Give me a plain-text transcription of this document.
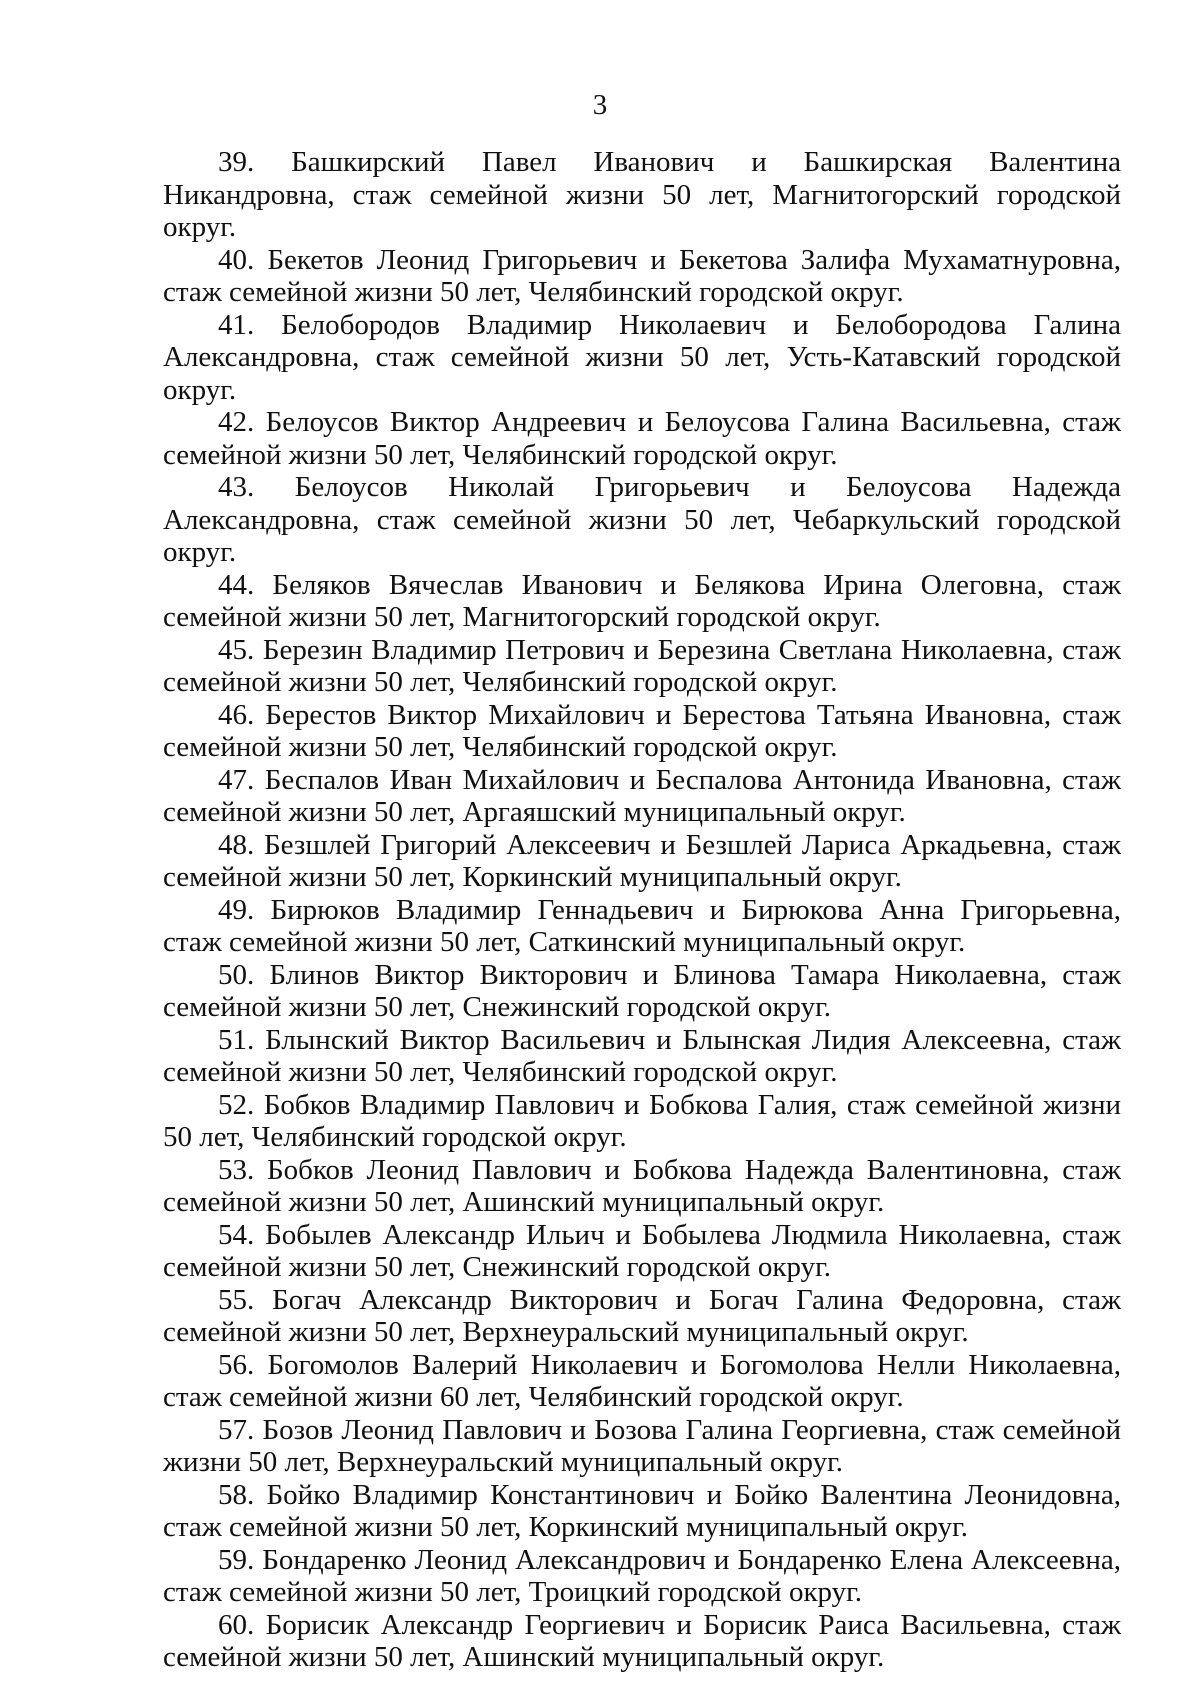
3

39. Башкирский Павел Иванович и Башкирская Валентина Никандровна, стаж семейной жизни 50 лет, Магнитогорский городской округ.

40. Бекетов Леонид Григорьевич и Бекетова Залифа Мухаматнуровна, стаж семейной жизни 50 лет, Челябинский городской округ.

41. Белобородов Владимир Николаевич и Белобородова Галина Александровна, стаж семейной жизни 50 лет, Усть-Катавский городской округ.

42. Белоусов Виктор Андреевич и Белоусова Галина Васильевна, стаж семейной жизни 50 лет, Челябинский городской округ.

43. Белоусов Николай Григорьевич и Белоусова Надежда Александровна, стаж семейной жизни 50 лет, Чебаркульский городской округ.

44. Беляков Вячеслав Иванович и Белякова Ирина Олеговна, стаж семейной жизни 50 лет, Магнитогорский городской округ.

45. Березин Владимир Петрович и Березина Светлана Николаевна, стаж семейной жизни 50 лет, Челябинский городской округ.

46. Берестов Виктор Михайлович и Берестова Татьяна Ивановна, стаж семейной жизни 50 лет, Челябинский городской округ.

47. Беспалов Иван Михайлович и Беспалова Антонида Ивановна, стаж семейной жизни 50 лет, Аргаяшский муниципальный округ.

48. Безшлей Григорий Алексеевич и Безшлей Лариса Аркадьевна, стаж семейной жизни 50 лет, Коркинский муниципальный округ.

49. Бирюков Владимир Геннадьевич и Бирюкова Анна Григорьевна, стаж семейной жизни 50 лет, Саткинский муниципальный округ.

50. Блинов Виктор Викторович и Блинова Тамара Николаевна, стаж семейной жизни 50 лет, Снежинский городской округ.

51. Блынский Виктор Васильевич и Блынская Лидия Алексеевна, стаж семейной жизни 50 лет, Челябинский городской округ.

52. Бобков Владимир Павлович и Бобкова Галия, стаж семейной жизни 50 лет, Челябинский городской округ.

53. Бобков Леонид Павлович и Бобкова Надежда Валентиновна, стаж семейной жизни 50 лет, Ашинский муниципальный округ.

54. Бобылев Александр Ильич и Бобылева Людмила Николаевна, стаж семейной жизни 50 лет, Снежинский городской округ.

55. Богач Александр Викторович и Богач Галина Федоровна, стаж семейной жизни 50 лет, Верхнеуральский муниципальный округ.

56. Богомолов Валерий Николаевич и Богомолова Нелли Николаевна, стаж семейной жизни 60 лет, Челябинский городской округ.

57. Бозов Леонид Павлович и Бозова Галина Георгиевна, стаж семейной жизни 50 лет, Верхнеуральский муниципальный округ.

58. Бойко Владимир Константинович и Бойко Валентина Леонидовна, стаж семейной жизни 50 лет, Коркинский муниципальный округ.

59. Бондаренко Леонид Александрович и Бондаренко Елена Алексеевна, стаж семейной жизни 50 лет, Троицкий городской округ.

60. Борисик Александр Георгиевич и Борисик Раиса Васильевна, стаж семейной жизни 50 лет, Ашинский муниципальный округ.
